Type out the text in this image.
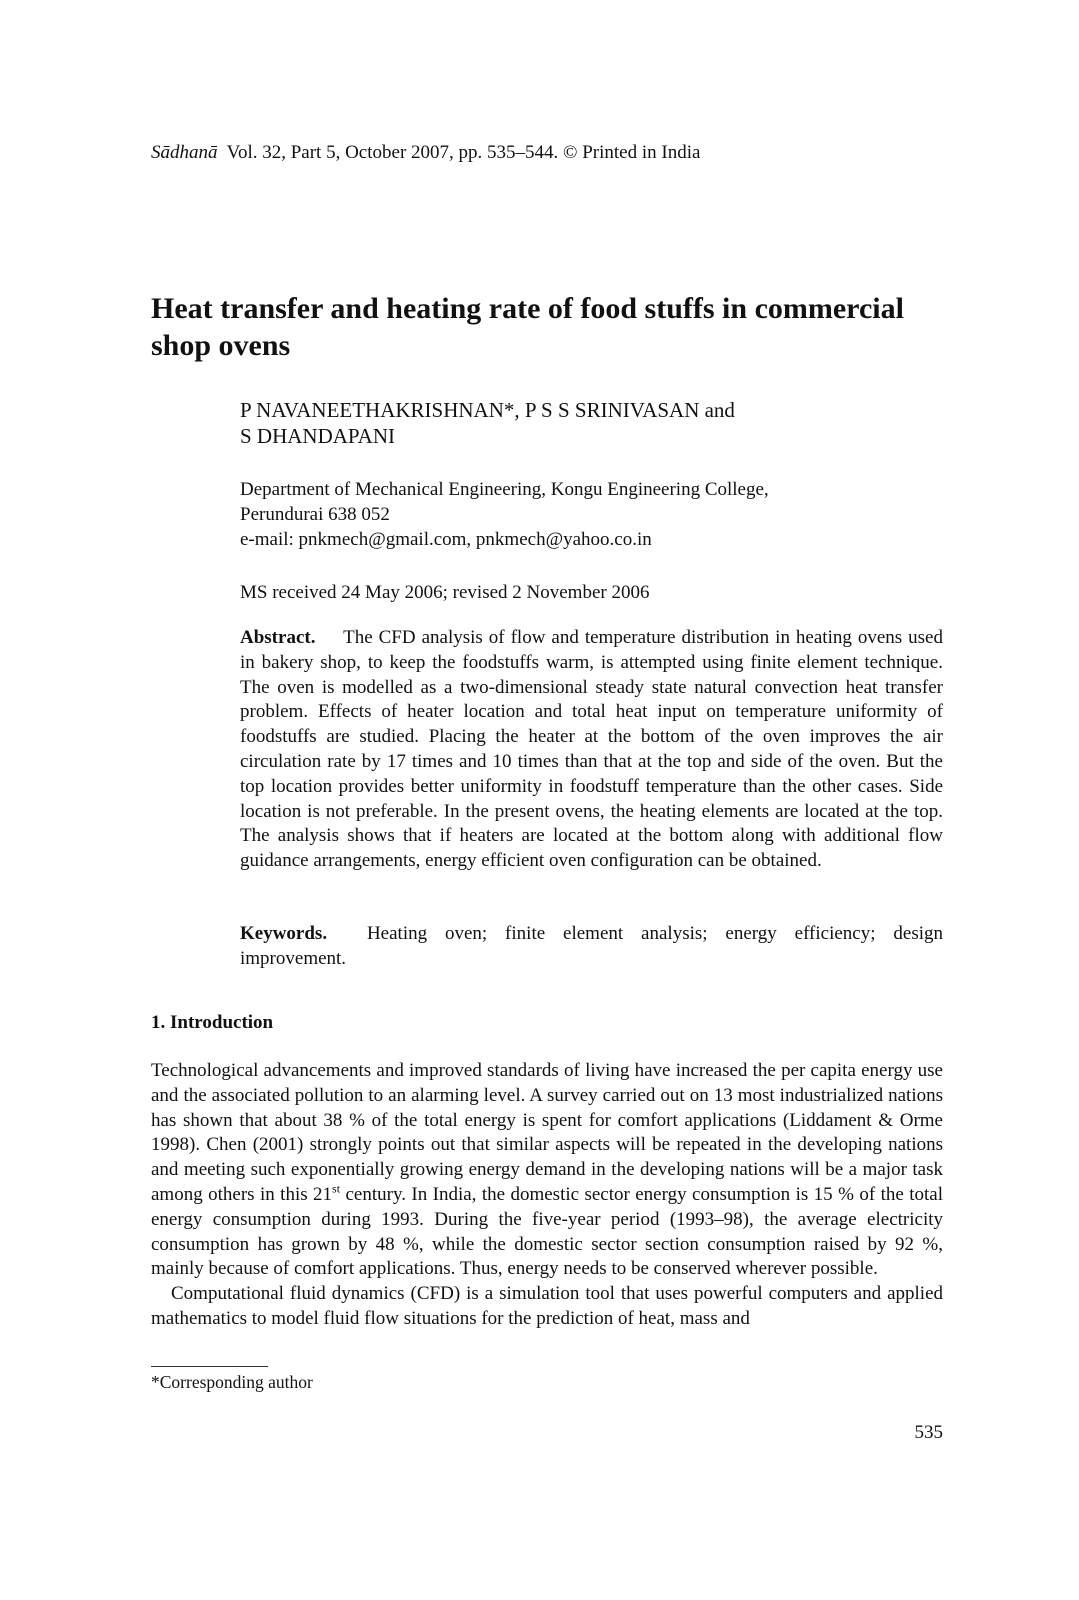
Sādhanā Vol. 32, Part 5, October 2007, pp. 535–544. © Printed in India
Heat transfer and heating rate of food stuffs in commercial shop ovens
P NAVANEETHAKRISHNAN*, P S S SRINIVASAN and
S DHANDAPANI
Department of Mechanical Engineering, Kongu Engineering College,
Perundurai 638 052
e-mail: pnkmech@gmail.com, pnkmech@yahoo.co.in
MS received 24 May 2006; revised 2 November 2006

Abstract. The CFD analysis of flow and temperature distribution in heating ovens used in bakery shop, to keep the foodstuffs warm, is attempted using finite element technique. The oven is modelled as a two-dimensional steady state natural convection heat transfer problem. Effects of heater location and total heat input on temperature uniformity of foodstuffs are studied. Placing the heater at the bottom of the oven improves the air circulation rate by 17 times and 10 times than that at the top and side of the oven. But the top location provides better uniformity in foodstuff temperature than the other cases. Side location is not preferable. In the present ovens, the heating elements are located at the top. The analysis shows that if heaters are located at the bottom along with additional flow guidance arrangements, energy efficient oven configuration can be obtained.

Keywords. Heating oven; finite element analysis; energy efficiency; design improvement.

1. Introduction

Technological advancements and improved standards of living have increased the per capita energy use and the associated pollution to an alarming level. A survey carried out on 13 most industrialized nations has shown that about 38 % of the total energy is spent for comfort applications (Liddament & Orme 1998). Chen (2001) strongly points out that similar aspects will be repeated in the developing nations and meeting such exponentially growing energy demand in the developing nations will be a major task among others in this 21st century. In India, the domestic sector energy consumption is 15 % of the total energy consumption during 1993. During the five-year period (1993–98), the average electricity consumption has grown by 48 %, while the domestic sector section consumption raised by 92 %, mainly because of comfort applications. Thus, energy needs to be conserved wherever possible.

Computational fluid dynamics (CFD) is a simulation tool that uses powerful computers and applied mathematics to model fluid flow situations for the prediction of heat, mass and

*Corresponding author
535
